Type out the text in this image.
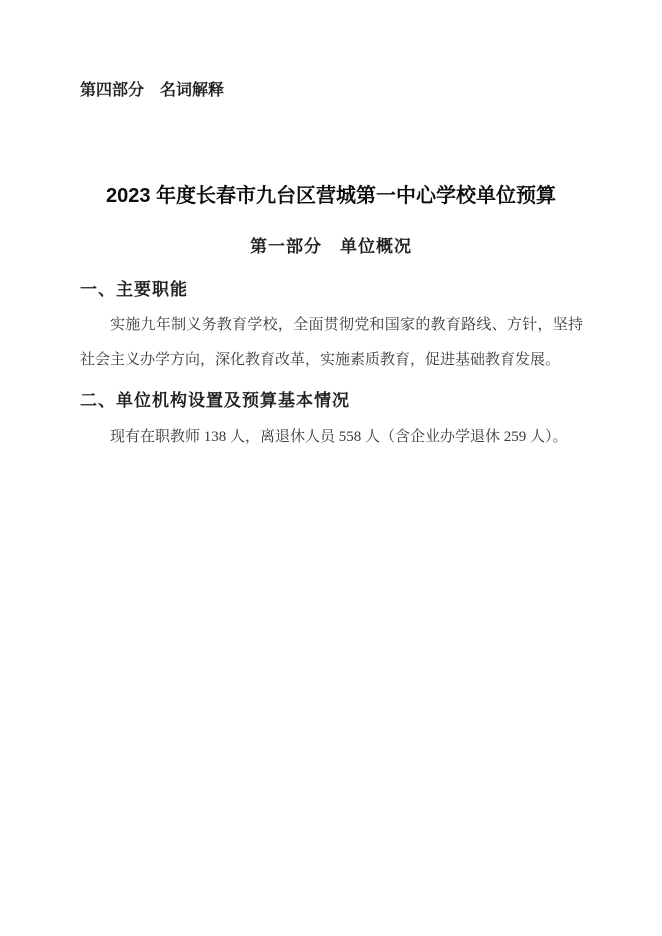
第四部分　名词解释
2023 年度长春市九台区营城第一中心学校单位预算
第一部分　单位概况
一、主要职能

实施九年制义务教育学校，全面贯彻党和国家的教育路线、方针，坚持社会主义办学方向，深化教育改革，实施素质教育，促进基础教育发展。

二、单位机构设置及预算基本情况

现有在职教师 138 人，离退休人员 558 人（含企业办学退休 259 人）。
